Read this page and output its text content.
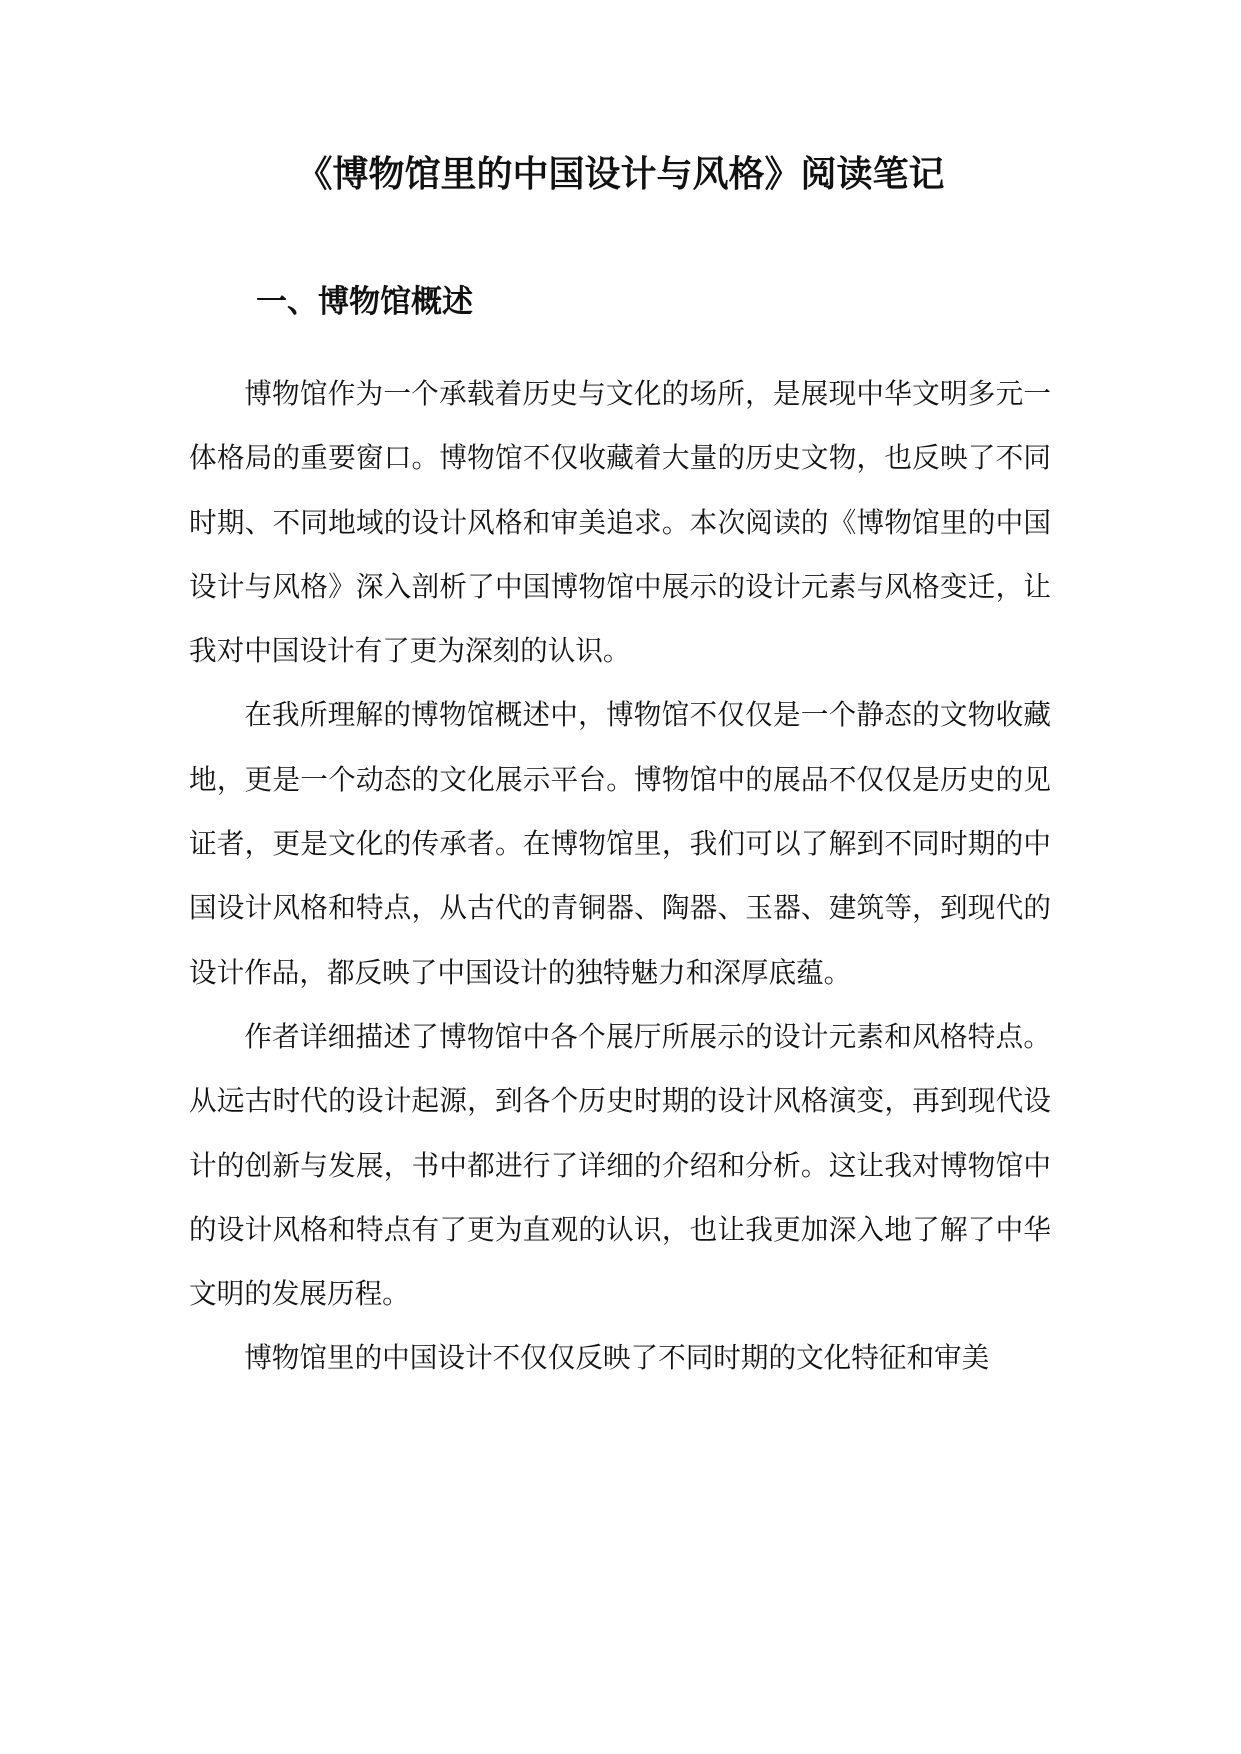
《博物馆里的中国设计与风格》阅读笔记
一、博物馆概述

博物馆作为一个承载着历史与文化的场所，是展现中华文明多元一体格局的重要窗口。博物馆不仅收藏着大量的历史文物，也反映了不同时期、不同地域的设计风格和审美追求。本次阅读的《博物馆里的中国设计与风格》深入剖析了中国博物馆中展示的设计元素与风格变迁，让我对中国设计有了更为深刻的认识。

在我所理解的博物馆概述中，博物馆不仅仅是一个静态的文物收藏地，更是一个动态的文化展示平台。博物馆中的展品不仅仅是历史的见证者，更是文化的传承者。在博物馆里，我们可以了解到不同时期的中国设计风格和特点，从古代的青铜器、陶器、玉器、建筑等，到现代的设计作品，都反映了中国设计的独特魅力和深厚底蕴。

作者详细描述了博物馆中各个展厅所展示的设计元素和风格特点。从远古时代的设计起源，到各个历史时期的设计风格演变，再到现代设计的创新与发展，书中都进行了详细的介绍和分析。这让我对博物馆中的设计风格和特点有了更为直观的认识，也让我更加深入地了解了中华文明的发展历程。

博物馆里的中国设计不仅仅反映了不同时期的文化特征和审美
